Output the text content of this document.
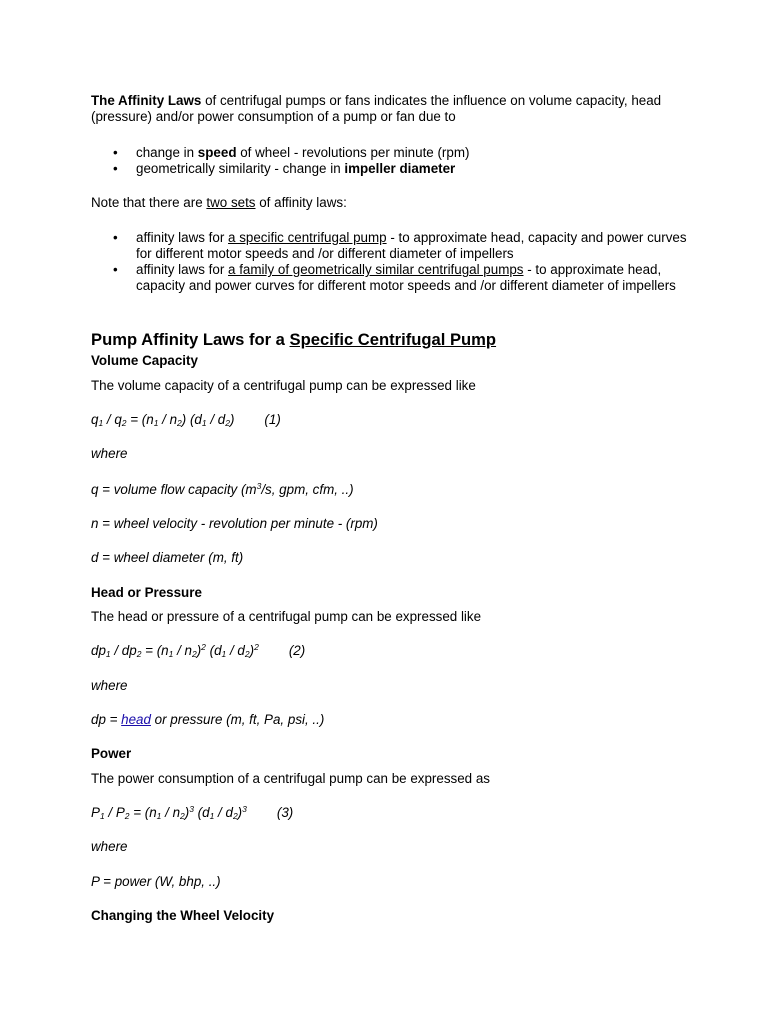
The Affinity Laws of centrifugal pumps or fans indicates the influence on volume capacity, head (pressure) and/or power consumption of a pump or fan due to

• change in speed of wheel - revolutions per minute (rpm)
• geometrically similarity - change in impeller diameter

Note that there are two sets of affinity laws:

• affinity laws for a specific centrifugal pump - to approximate head, capacity and power curves for different motor speeds and /or different diameter of impellers
• affinity laws for a family of geometrically similar centrifugal pumps - to approximate head, capacity and power curves for different motor speeds and /or different diameter of impellers
Pump Affinity Laws for a Specific Centrifugal Pump
Volume Capacity
The volume capacity of a centrifugal pump can be expressed like
$q_1 / q_2 = (n_1 / n_2)$ $(d_1 / d_2)$ (1)
where
q = volume flow capacity ($m^3/s$, gpm, cfm, ..)
n = wheel velocity - revolution per minute - (rpm)
d = wheel diameter (m, ft)
Head or Pressure
The head or pressure of a centrifugal pump can be expressed like
$dp_1 / dp_2 = (n_1 / n_2)^2$ $(d_1 / d_2)^2$ (2)
where
dp = head or pressure (m, ft, Pa, psi, ..)
Power
The power consumption of a centrifugal pump can be expressed as
$P_1 / P_2 = (n_1 / n_2)^3$ $(d_1 / d_2)^3$ (3)
where
P = power (W, bhp, ..)
Changing the Wheel Velocity
